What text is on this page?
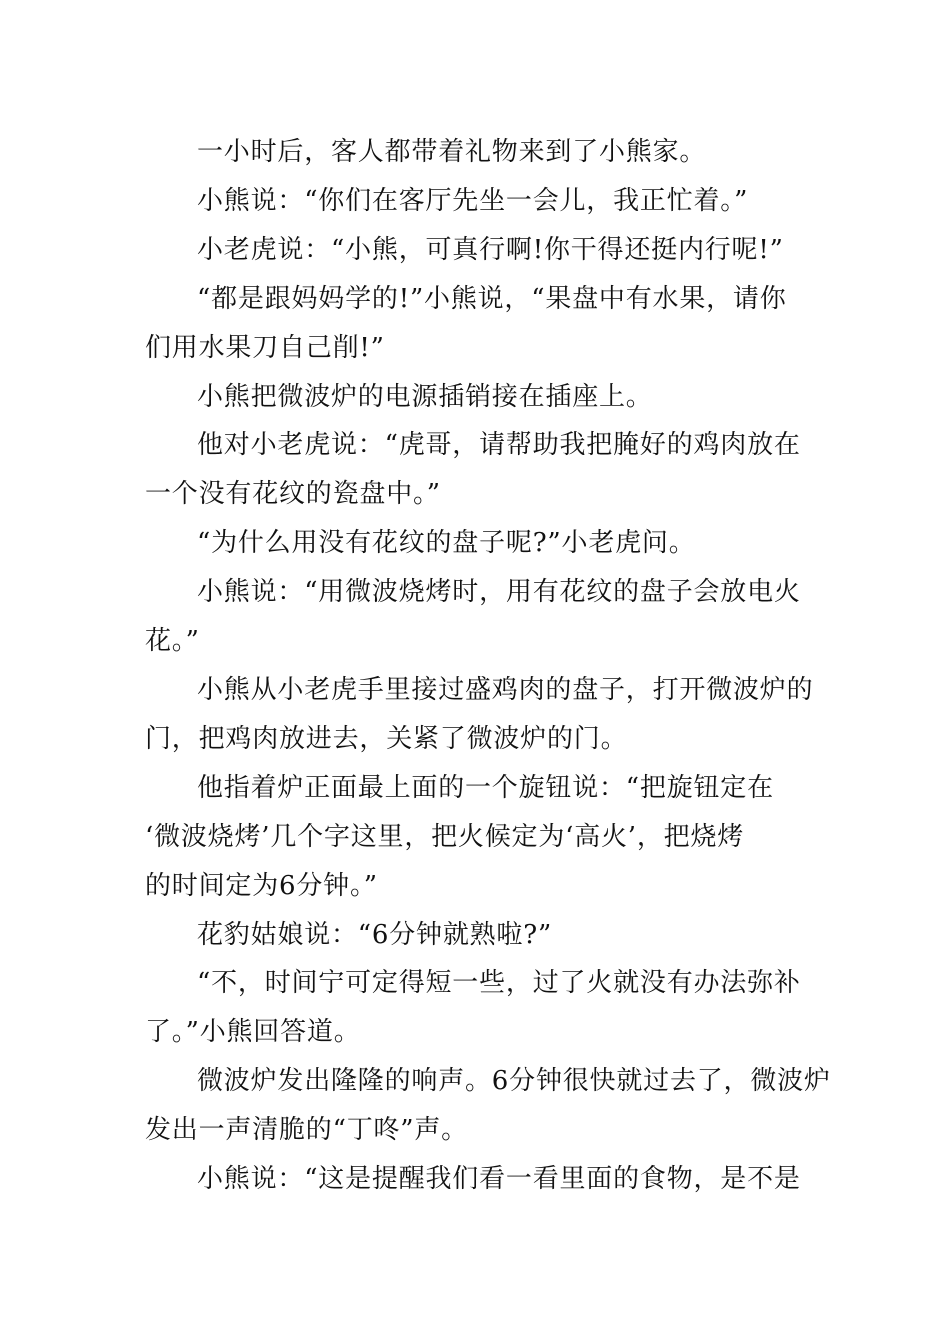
一小时后，客人都带着礼物来到了小熊家。
小熊说：“你们在客厅先坐一会儿，我正忙着。”
小老虎说：“小熊，可真行啊!你干得还挺内行呢!”
“都是跟妈妈学的!”小熊说，“果盘中有水果，请你
们用水果刀自己削!”
小熊把微波炉的电源插销接在插座上。
他对小老虎说：“虎哥，请帮助我把腌好的鸡肉放在
一个没有花纹的瓷盘中。”
“为什么用没有花纹的盘子呢?”小老虎问。
小熊说：“用微波烧烤时，用有花纹的盘子会放电火
花。”
小熊从小老虎手里接过盛鸡肉的盘子，打开微波炉的
门，把鸡肉放进去，关紧了微波炉的门。
他指着炉正面最上面的一个旋钮说：“把旋钮定在
‘微波烧烤’几个字这里，把火候定为‘高火’，把烧烤
的时间定为6分钟。”
花豹姑娘说：“6分钟就熟啦?”
“不，时间宁可定得短一些，过了火就没有办法弥补
了。”小熊回答道。
微波炉发出隆隆的响声。6分钟很快就过去了，微波炉
发出一声清脆的“丁咚”声。
小熊说：“这是提醒我们看一看里面的食物，是不是
